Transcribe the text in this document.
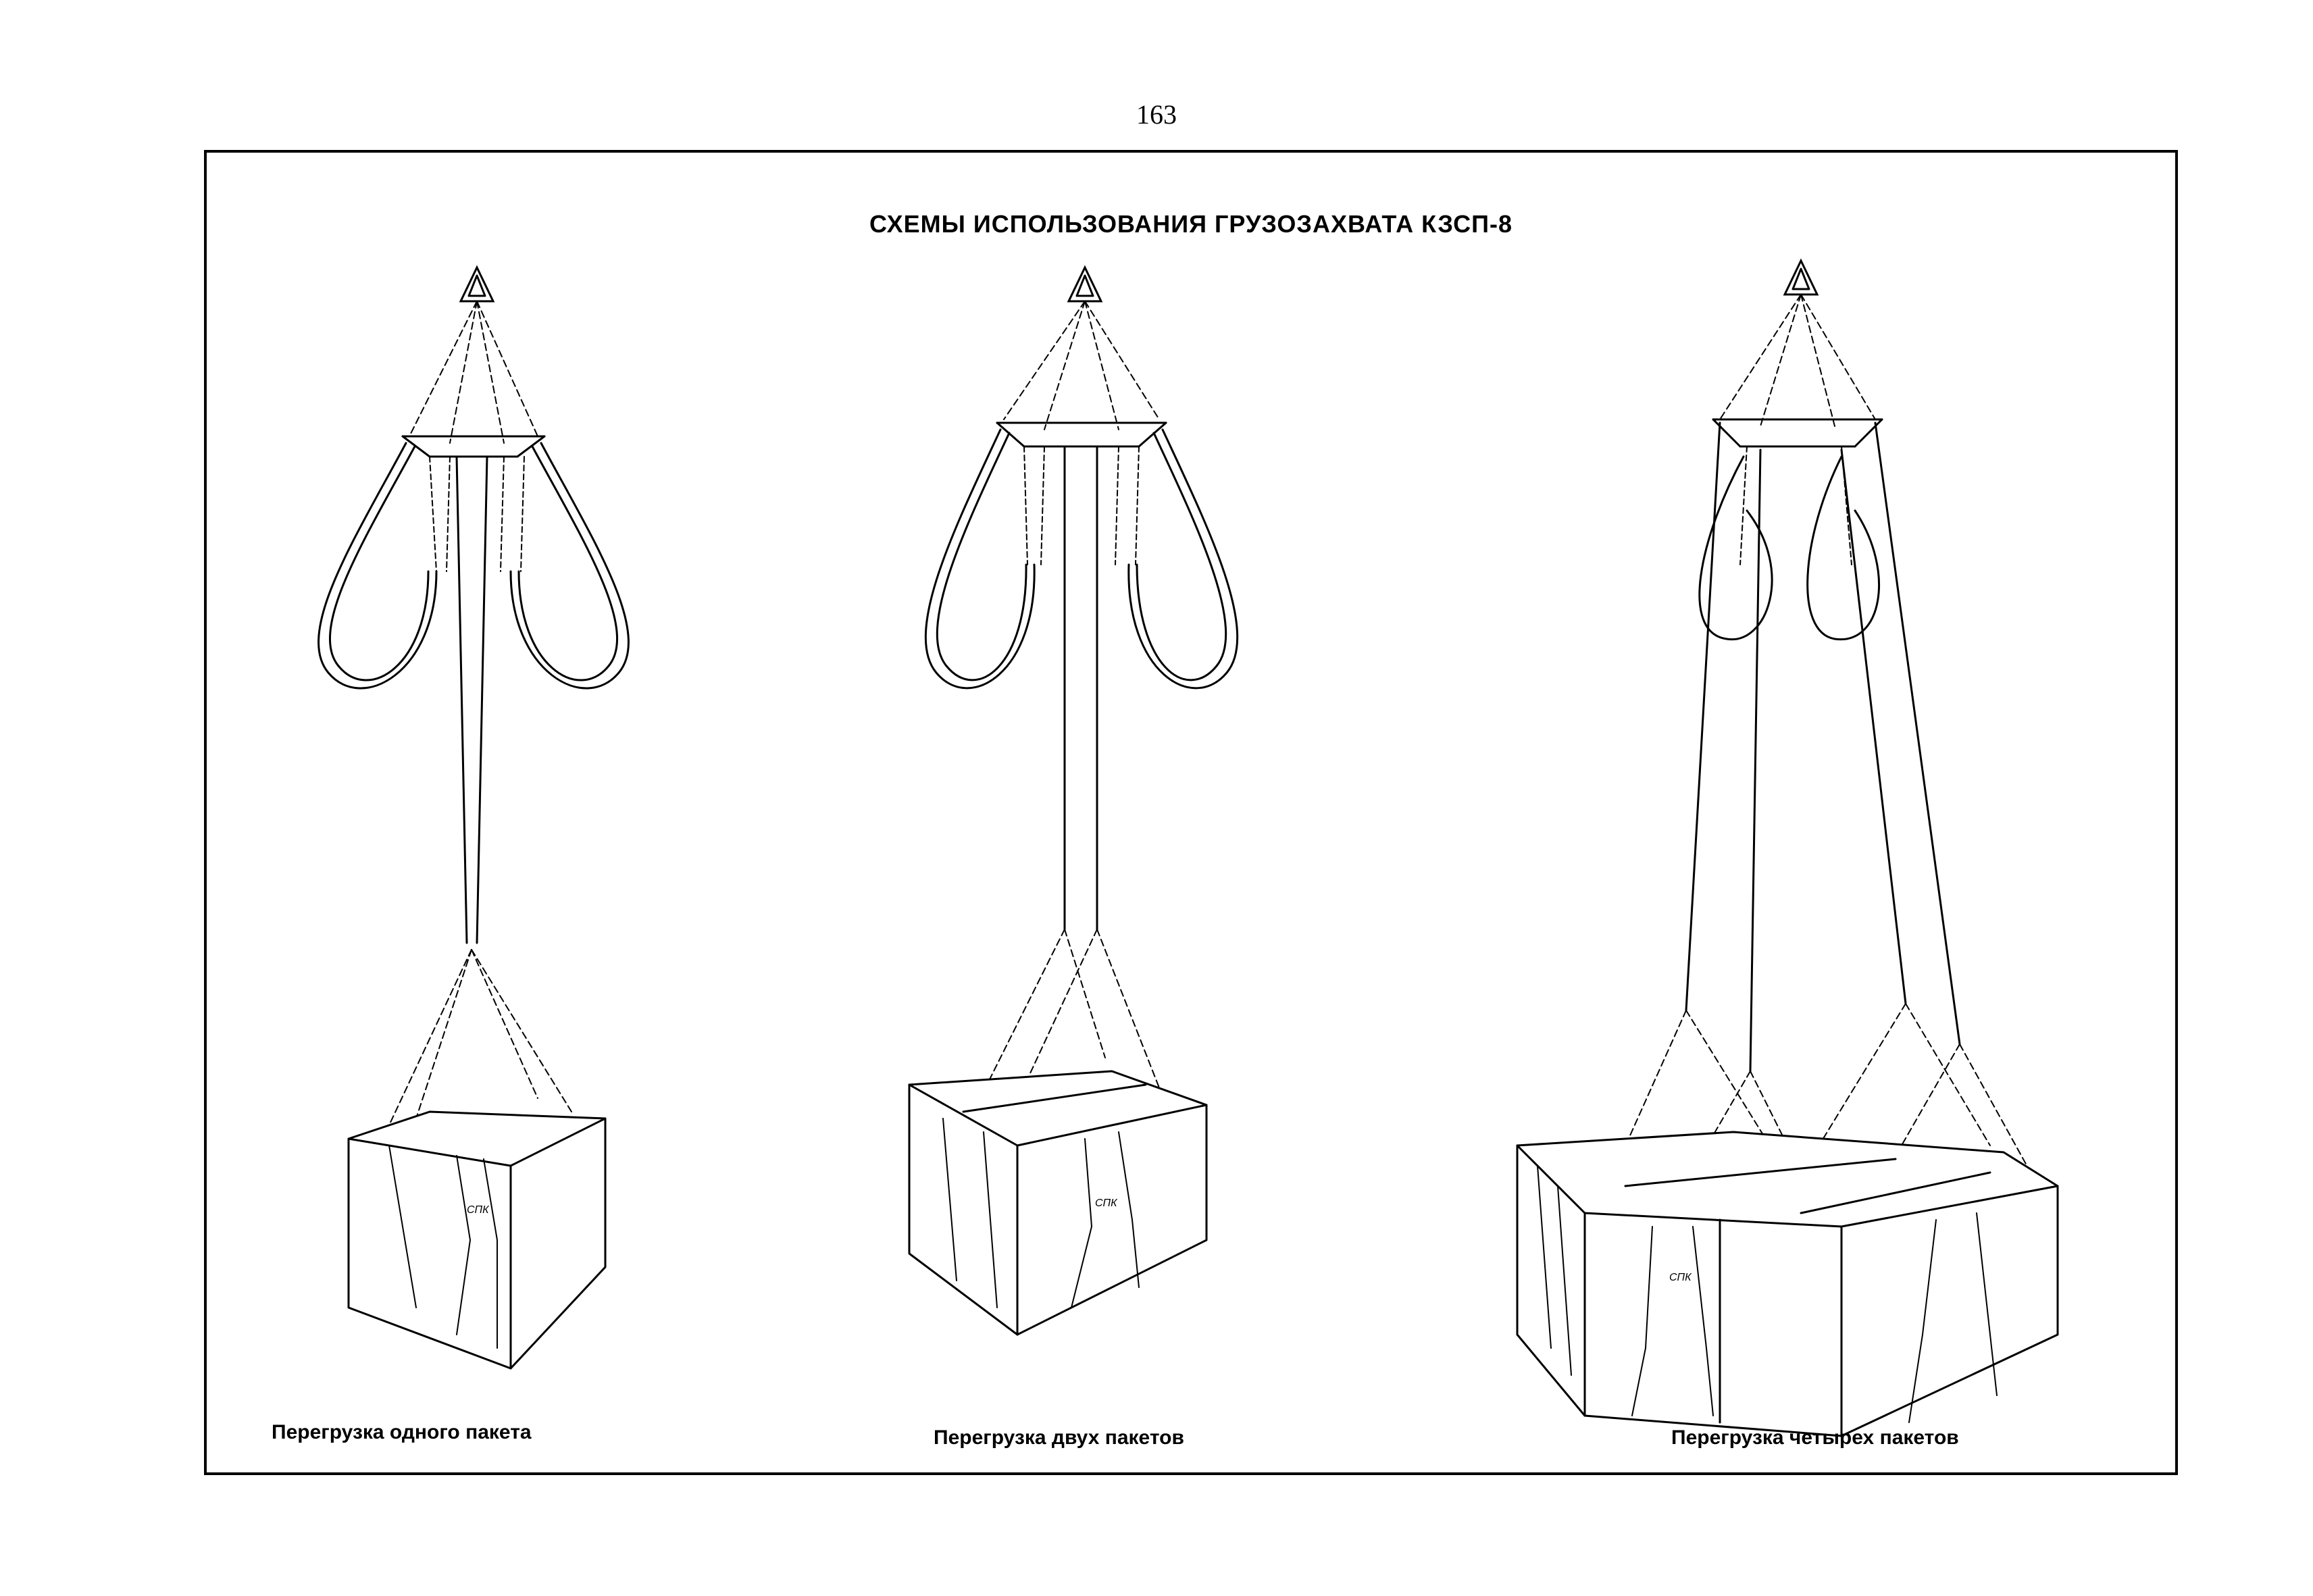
163
СХЕМЫ ИСПОЛЬЗОВАНИЯ ГРУЗОЗАХВАТА КЗСП-8
СПК
СПК
СПК
Перегрузка одного пакета	Перегрузка двух пакетов	Перегрузка четырех пакетов
